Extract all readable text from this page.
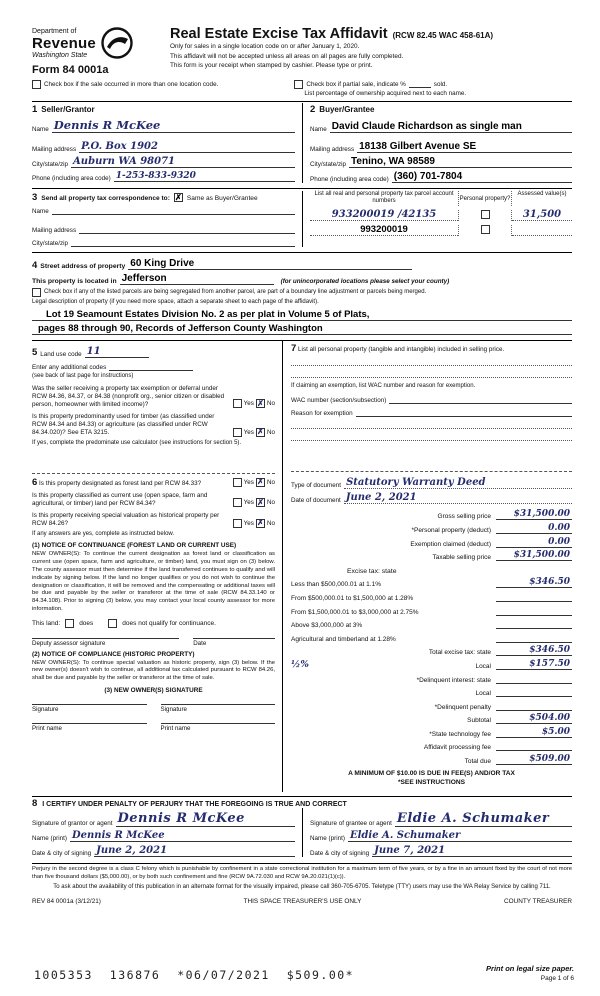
Department of
Revenue
Washington State
Form 84 0001a
Real Estate Excise Tax Affidavit (RCW 82.45 WAC 458-61A)
Only for sales in a single location code on or after January 1, 2020.
This affidavit will not be accepted unless all areas on all pages are fully completed.
This form is your receipt when stamped by cashier. Please type or print.
Check box if the sale occurred in more than one location code.	Check box if partial sale, indicate %	sold.
List percentage of ownership acquired next to each name.
1 Seller/Grantor
Name Dennis R McKee
Mailing address P.O. Box 1902
City/state/zip Auburn WA 98071
Phone (including area code) 1-253-833-9320
2 Buyer/Grantee
Name David Claude Richardson as single man
Mailing address 18138 Gilbert Avenue SE
City/state/zip Tenino, WA 98589
Phone (including area code) (360) 701-7804
3 Send all property tax correspondence to: ✗ Same as Buyer/Grantee
Name
Mailing address
City/state/zip
List all real and personal property tax parcel account numbers	Personal property?
Assessed value(s)
933200019 /42135	31,500
993200019
4 Street address of property 60 King Drive
This property is located in Jefferson	(for unincorporated locations please select your county)
Check box if any of the listed parcels are being segregated from another parcel, are part of a boundary line adjustment or parcels being merged.
Legal description of property (if you need more space, attach a separate sheet to each page of the affidavit).
Lot 19 Seamount Estates Division No. 2 as per plat in Volume 5 of Plats,
pages 88 through 90, Records of Jefferson County Washington
5 Land use code 11
Enter any additional codes
(see back of last page for instructions)
Was the seller receiving a property tax exemption or deferral under RCW 84.36, 84.37, or 84.38 (nonprofit org., senior citizen or disabled person, homeowner with limited income)?	Yes ✗ No
Is this property predominantly used for timber (as classified under RCW 84.34 and 84.33) or agriculture (as classified under RCW 84.34.020)? See ETA 3215.	Yes ✗ No
If yes, complete the predominate use calculator (see instructions for section 5).
6 Is this property designated as forest land per RCW 84.33?	Yes ✗ No
Is this property classified as current use (open space, farm and agricultural, or timber) land per RCW 84.34?	Yes ✗ No
Is this property receiving special valuation as historical property per RCW 84.26?	Yes ✗ No
If any answers are yes, complete as instructed below.
(1) NOTICE OF CONTINUANCE (FOREST LAND OR CURRENT USE)

NEW OWNER(S): To continue the current designation as forest land or classification as current use (open space, farm and agriculture, or timber) land, you must sign on (3) below. The county assessor must then determine if the land transferred continues to qualify and will indicate by signing below. If the land no longer qualifies or you do not wish to continue the designation or classification, it will be removed and the compensating or additional taxes will be due and payable by the seller or transferor at the time of sale (RCW 84.33.140 or 84.34.108). Prior to signing (3) below, you may contact your local county assessor for more information.

This land:	does	does not qualify for continuance.
Deputy assessor signature	Date
(2) NOTICE OF COMPLIANCE (HISTORIC PROPERTY)

NEW OWNER(S): To continue special valuation as historic property, sign (3) below. If the new owner(s) doesn't wish to continue, all additional tax calculated pursuant to RCW 84.26, shall be due and payable by the seller or transferor at the time of sale.

(3) NEW OWNER(S) SIGNATURE
Signature	Signature
Print name	Print name
7 List all personal property (tangible and intangible) included in selling price.
If claiming an exemption, list WAC number and reason for exemption.
WAC number (section/subsection)
Reason for exemption
Type of document Statutory Warranty Deed
Date of document June 2, 2021
Gross selling price	$31,500.00
*Personal property (deduct)	0.00
Exemption claimed (deduct)	0.00
Taxable selling price	$31,500.00
Excise tax: state
Less than $500,000.01 at 1.1%	$346.50
From $500,000.01 to $1,500,000 at 1.28%
From $1,500,000.01 to $3,000,000 at 2.75%
Above $3,000,000 at 3%
Agricultural and timberland at 1.28%
Total excise tax: state	$346.50
½%	Local	$157.50
*Delinquent interest: state
Local
*Delinquent penalty
Subtotal	$504.00
*State technology fee	$5.00
Affidavit processing fee
Total due	$509.00
A MINIMUM OF $10.00 IS DUE IN FEE(S) AND/OR TAX
*SEE INSTRUCTIONS
8 I CERTIFY UNDER PENALTY OF PERJURY THAT THE FOREGOING IS TRUE AND CORRECT
Signature of grantor or agent Dennis R McKee
Name (print) Dennis R McKee
Date & city of signing June 2, 2021
Signature of grantee or agent Eldie A. Schumaker
Name (print) Eldie A. Schumaker
Date & city of signing June 7, 2021

Perjury in the second degree is a class C felony which is punishable by confinement in a state correctional institution for a maximum term of five years, or by a fine in an amount fixed by the court of not more than five thousand dollars ($5,000.00), or by both such confinement and fine (RCW 9A.72.030 and RCW 9A.20.021(1)(c)).

To ask about the availability of this publication in an alternate format for the visually impaired, please call 360-705-6705. Teletype (TTY) users may use the WA Relay Service by calling 711.

REV 84 0001a (3/12/21)	THIS SPACE TREASURER'S USE ONLY	COUNTY TREASURER
1005353  136876  *06/07/2021  $509.00*	Print on legal size paper.
Page 1 of 6
